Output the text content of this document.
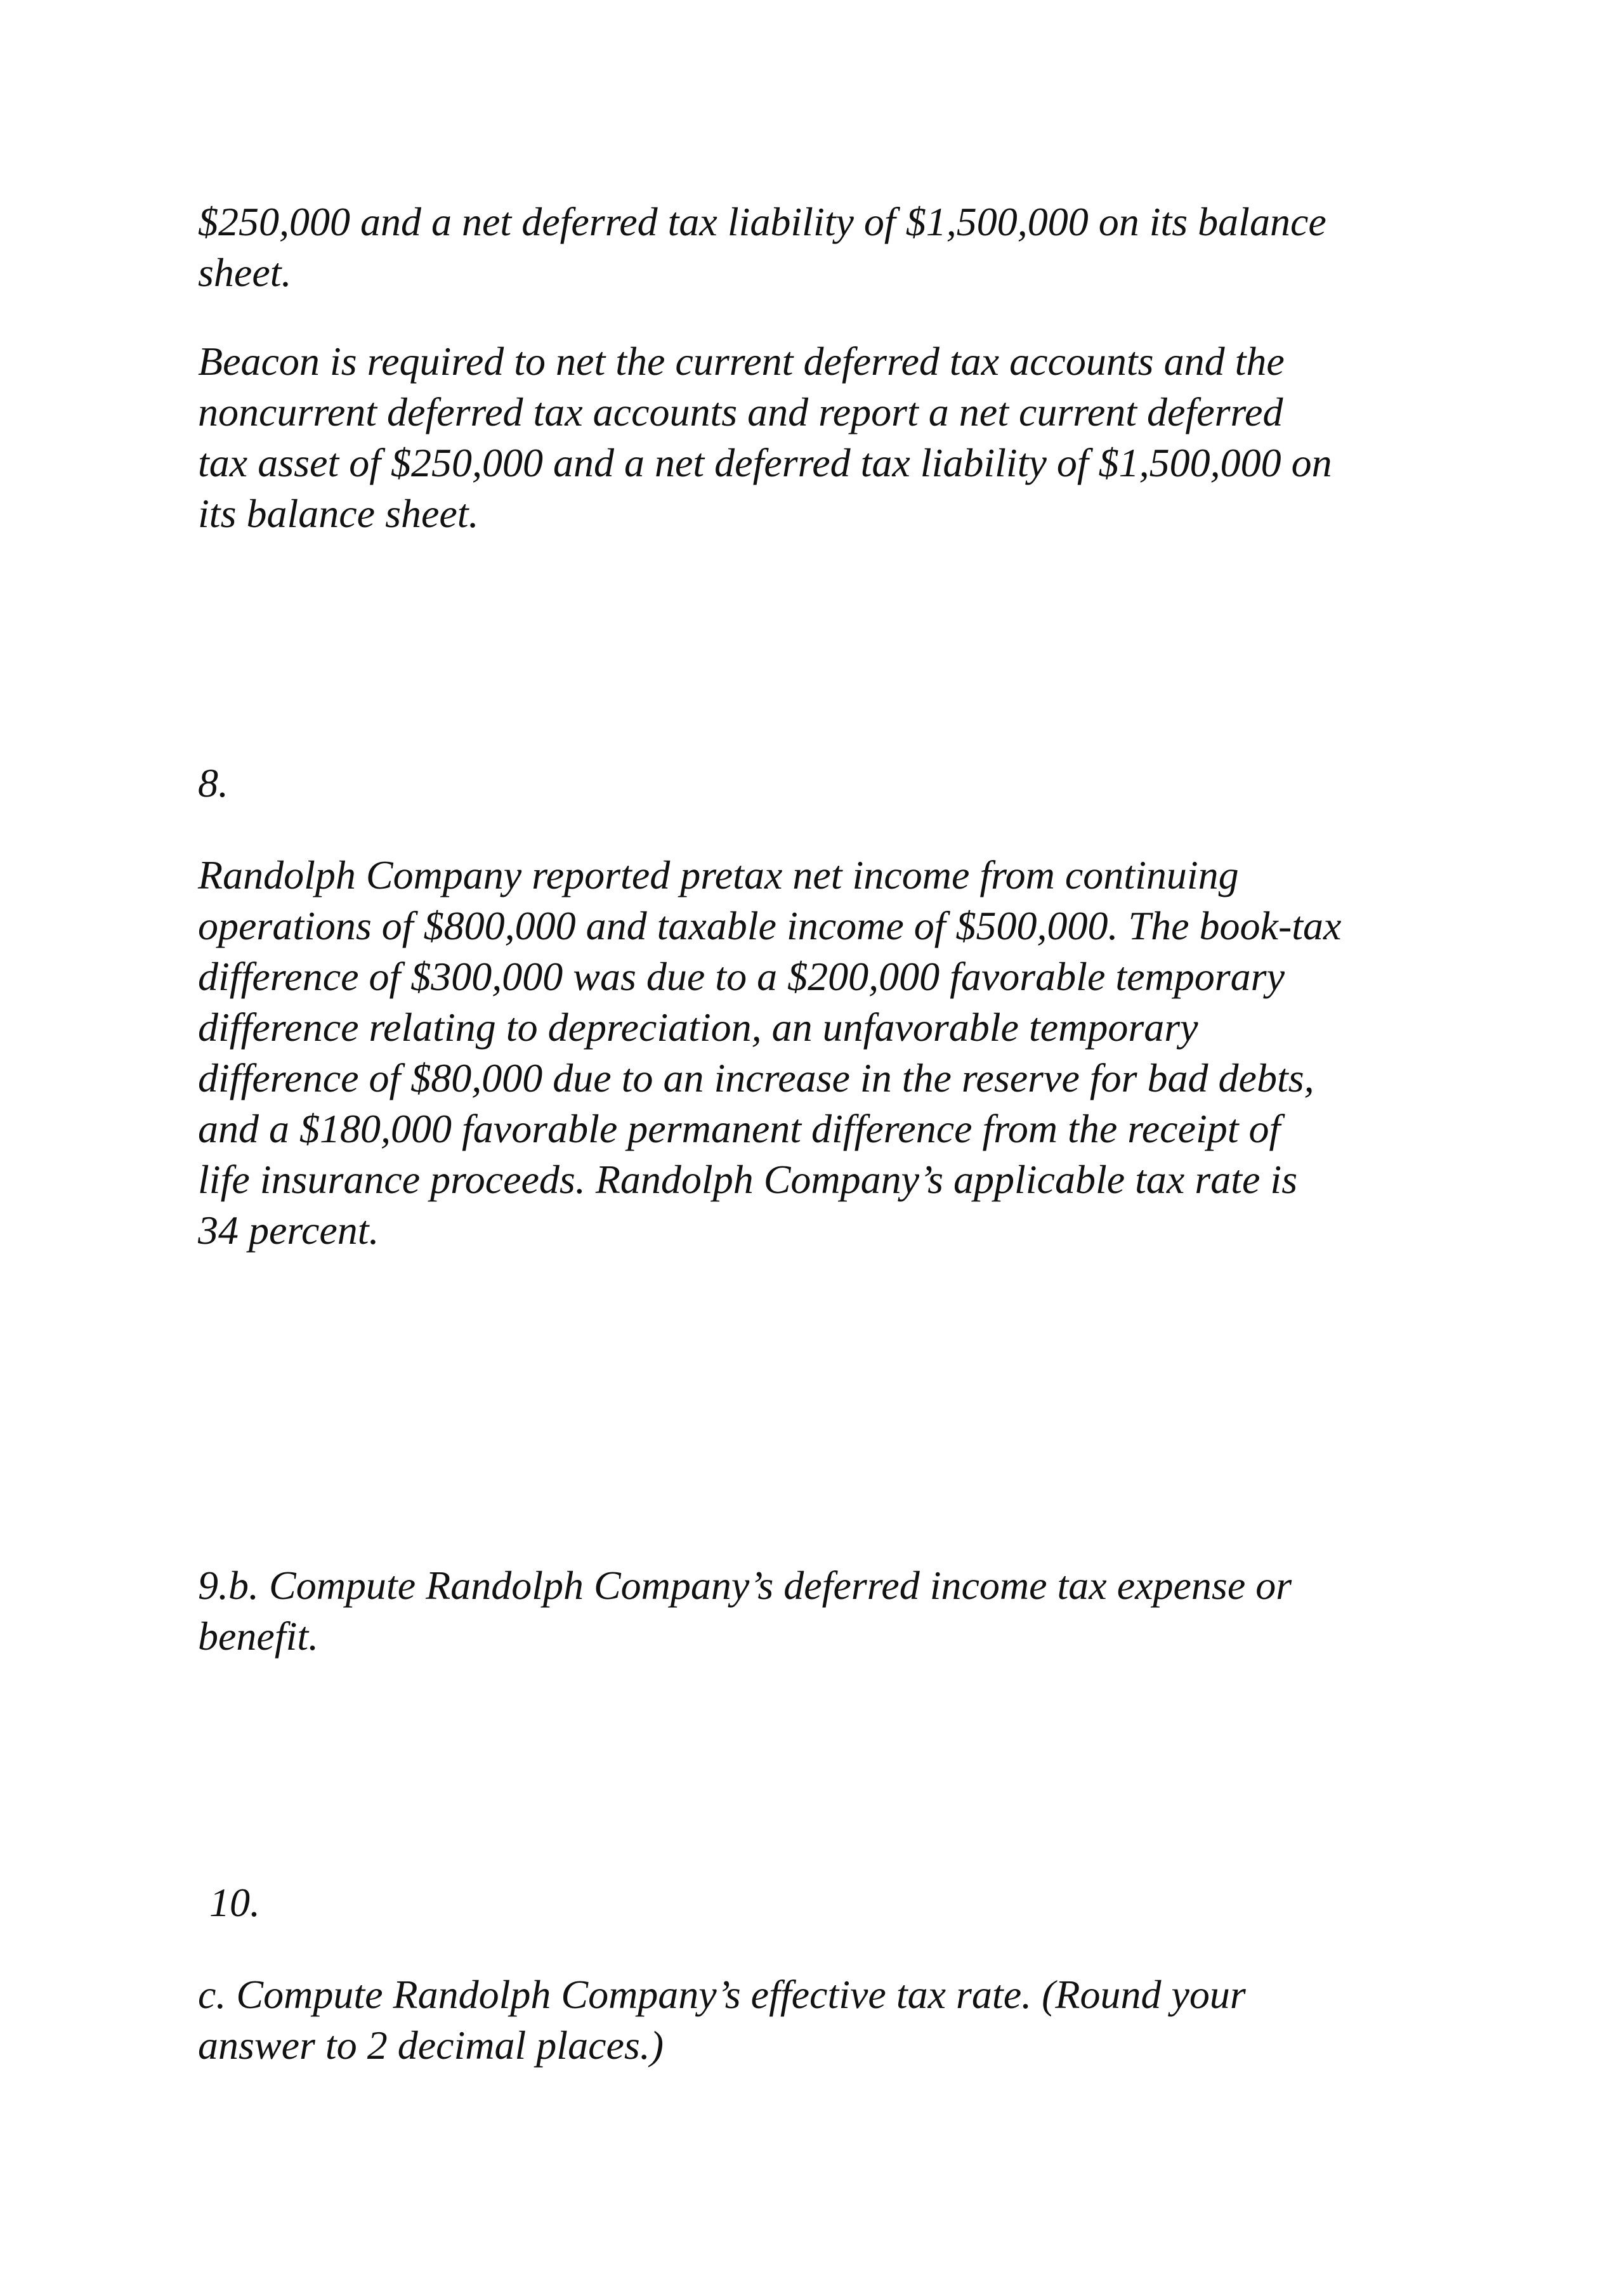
$250,000 and a net deferred tax liability of $1,500,000 on its balance
sheet.

Beacon is required to net the current deferred tax accounts and the
noncurrent deferred tax accounts and report a net current deferred
tax asset of $250,000 and a net deferred tax liability of $1,500,000 on
its balance sheet.

8.

Randolph Company reported pretax net income from continuing
operations of $800,000 and taxable income of $500,000. The book-tax
difference of $300,000 was due to a $200,000 favorable temporary
difference relating to depreciation, an unfavorable temporary
difference of $80,000 due to an increase in the reserve for bad debts,
and a $180,000 favorable permanent difference from the receipt of
life insurance proceeds. Randolph Company’s applicable tax rate is
34 percent.

9.b. Compute Randolph Company’s deferred income tax expense or
benefit.

10.

c. Compute Randolph Company’s effective tax rate. (Round your
answer to 2 decimal places.)
